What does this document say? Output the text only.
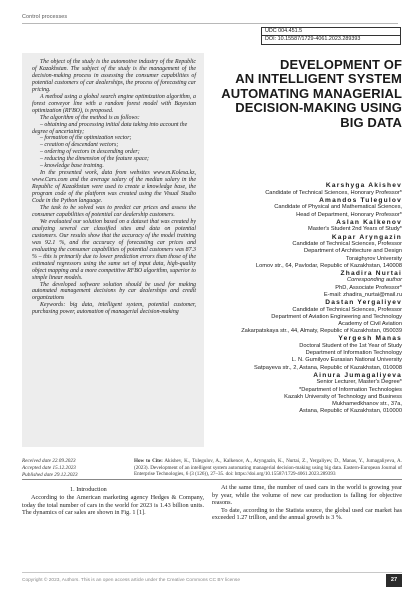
Control processes
UDC 004.451.5
DOI: 10.15587/1729-4061.2023.289393
DEVELOPMENT OF
AN INTELLIGENT SYSTEM
AUTOMATING MANAGERIAL
DECISION-MAKING USING
BIG DATA

The object of the study is the automotive industry of the Republic of Kazakhstan. The subject of the study is the management of the decision-making process in assessing the consumer capabilities of potential customers of car dealerships, the process of forecasting car pricing.

A method using a global search engine optimization algorithm, a forest conveyor line with a random forest model with Bayesian optimization (RFBO), is proposed.

The algorithm of the method is as follows:

– obtaining and processing initial data taking into account the degree of uncertainty;

– formation of the optimization vector;

– creation of descendant vectors;

– ordering of vectors in descending order;

– reducing the dimension of the feature space;

– knowledge base training.

In the presented work, data from websites www.m.Kolesa.kz, www.Cars.com and the average salary of the median salary in the Republic of Kazakhstan were used to create a knowledge base, the program code of the platform was created using the Visual Studio Code in the Python language.

The task to be solved was to predict car prices and assess the consumer capabilities of potential car dealership customers.

We evaluated our solution based on a dataset that was created by analyzing several car classified sites and data on potential customers. Our results show that the accuracy of the model training was 92.1 %, and the accuracy of forecasting car prices and evaluating the consumer capabilities of potential customers was 87.3 % – this is primarily due to lower prediction errors than those of the estimated regressors using the same set of input data, high-quality object mapping and a more competitive RFBO algorithm, superior to simple linear models.

The developed software solution should be used for making automated management decisions by car dealerships and credit organizations

Keywords: big data, intelligent system, potential customer, purchasing power, automation of managerial decision-making

Karshyga Akishev
Candidate of Technical Sciences, Honorary Professor*
Amandos Tulegulov
Candidate of Physical and Mathematical Sciences,
Head of Department, Honorary Professor*
Aslan Kalkenov
Master's Student 2nd Years of Study*
Kapar Aryngazin
Candidate of Technical Sciences, Professor
Department of Architecture and Design
Toraighyrov University
Lomov str., 64, Pavlodar, Republic of Kazakhstan, 140008
Zhadira Nurtai
Corresponding author
PhD, Associate Professor*
E-mail: zhadira_nurtai@mail.ru
Dastan Yergaliyev
Candidate of Technical Sciences, Professor
Department of Aviation Engineering and Technology
Academy of Civil Aviation
Zakarpatskaya str., 44, Almaty, Republic of Kazakhstan, 050039
Yergesh Manas
Doctoral Student of the 1st Year of Study
Department of Information Technology
L. N. Gumilyov Eurasian National University
Satpayeva str., 2, Astana, Republic of Kazakhstan, 010008
Ainura Jumagaliyeva
Senior Lecturer, Master's Degree*
*Department of Information Technologies
Kazakh University of Technology and Business
Mukhamedkhanov str., 37a,
Astana, Republic of Kazakhstan, 010000
Received date 22.09.2023
Accepted date 15.12.2023
Published date 29.12.2023
How to Cite: Akishev, K., Tulegulov, A., Kalkenov, A., Aryngazin, K., Nurtai, Z., Yergaliyev, D., Manas, Y., Jumagaliyeva, A. (2023). Development of an intelligent system automating managerial decision-making using big data. Eastern-European Journal of Enterprise Technologies, 6 (3 (126)), 27–35. doi: https://doi.org/10.15587/1729-4061.2023.289393
1. Introduction

According to the American marketing agency Hedges & Company, today the total number of cars in the world for 2023 is 1.43 billion units. The dynamics of car sales are shown in Fig. 1 [1].

At the same time, the number of used cars in the world is growing year by year, while the volume of new car production is falling for objective reasons.

To date, according to the Statista source, the global used car market has exceeded 1.27 trillion, and the annual growth is 3 %.

Copyright © 2023, Authors. This is an open access article under the Creative Commons CC BY license	27
